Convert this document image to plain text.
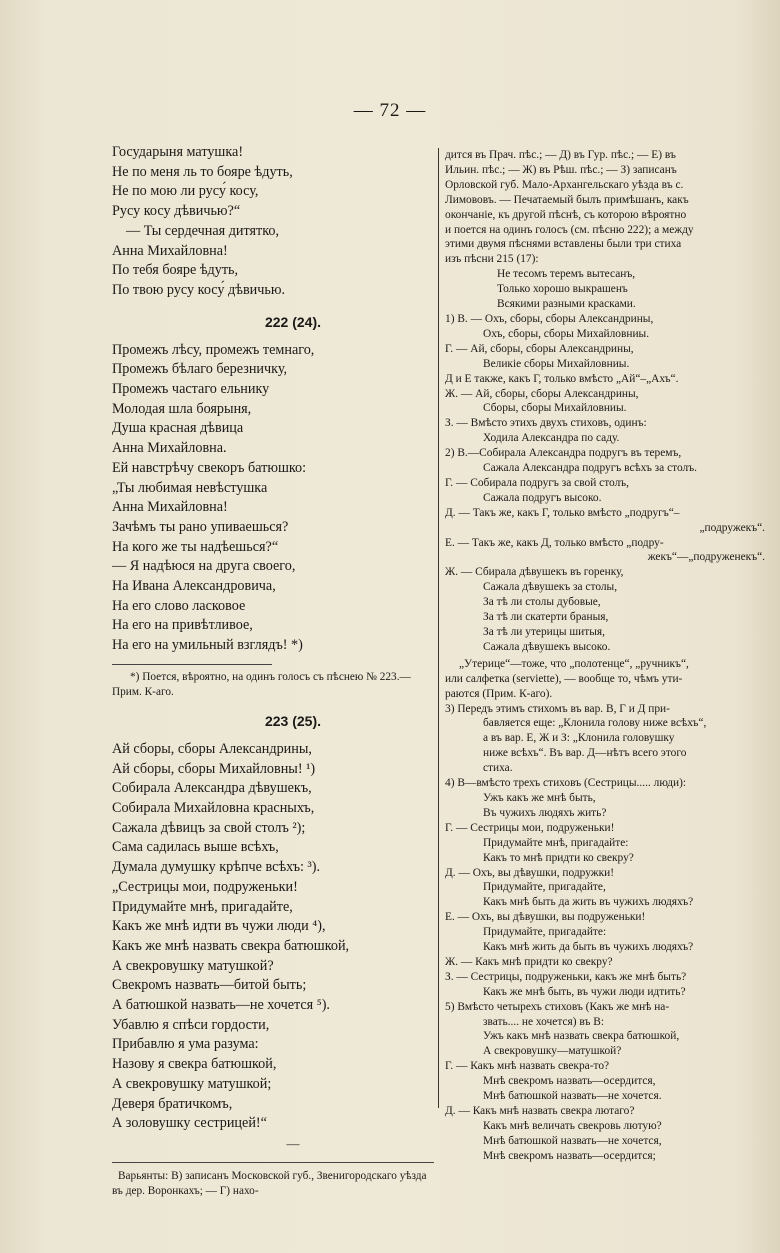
— 72 —
Государыня матушка!
Не по меня ль то бояре ѣдуть,
Не по мою ли русу́ косу,
Русу косу дѣвичью?“
— Ты сердечная дитятко,
Анна Михайловна!
По тебя бояре ѣдуть,
По твою русу косу́ дѣвичью.
222 (24).
Промежъ лѣсу, промежъ темнаго,
Промежъ бѣлаго березничку,
Промежъ частаго ельнику
Молодая шла боярыня,
Душа красная дѣвица
Анна Михайловна.
Ей навстрѣчу свекоръ батюшко:
„Ты любимая невѣстушка
Анна Михайловна!
Зачѣмъ ты рано упиваешься?
На кого же ты надѣешься?“
— Я надѣюся на друга своего,
На Ивана Александровича,
На его слово ласковое
На его на привѣтливое,
На его на умильный взглядъ! *)
*) Поется, вѣроятно, на одинъ голосъ съ пѣснею № 223.—Прим. К-аго.
223 (25).
Ай сборы, сборы Александрины,
Ай сборы, сборы Михайловны! ¹)
Собирала Александра дѣвушекъ,
Собирала Михайловна красныхъ,
Сажала дѣвицъ за свой столъ ²);
Сама садилась выше всѣхъ,
Думала думушку крѣпче всѣхъ: ³).
„Сестрицы мои, подруженьки!
Придумайте мнѣ, пригадайте,
Какъ же мнѣ идти въ чужи люди ⁴),
Какъ же мнѣ назвать свекра батюшкой,
А свекровушку матушкой?
Свекромъ назвать—битой быть;
А батюшкой назвать—не хочется ⁵).
Убавлю я спѣси гордости,
Прибавлю я ума разума:
Назову я свекра батюшкой,
А свекровушку матушкой;
Деверя братичкомъ,
А золовушку сестрицей!“
—
Варьянты: В) записанъ Московской губ., Звенигородскаго уѣзда въ дер. Воронкахъ; — Г) нахо-
дится въ Прач. пѣс.; — Д) въ Гур. пѣс.; — Е) въ
Ильин. пѣс.; — Ж) въ Рѣш. пѣс.; — З) записанъ
Орловской губ. Мало-Архангельскаго уѣзда въ с.
Лимововъ. — Печатаемый былъ примѣшанъ, какъ
окончаніе, къ другой пѣснѣ, съ которою вѣроятно
и поется на одинъ голосъ (см. пѣсню 222); а между
этими двумя пѣснями вставлены были три стиха
изъ пѣсни 215 (17):
Не тесомъ теремъ вытесанъ,
Только хорошо выкрашенъ
Всякими разными красками.
1) В. — Охъ, сборы, сборы Александрины,
Охъ, сборы, сборы Михайловниы.
Г. — Ай, сборы, сборы Александрины,
Великіе сборы Михайловниы.
Д и Е также, какъ Г, только вмѣсто „Ай“–„Ахъ“.
Ж. — Ай, сборы, сборы Александрины,
Сборы, сборы Михайловниы.
З. — Вмѣсто этихъ двухъ стиховъ, одинъ:
Ходила Александра по саду.
2) В.—Собирала Александра подругъ въ теремъ,
Сажала Александра подругъ всѣхъ за столъ.
Г. — Собирала подругъ за свой столъ,
Сажала подругъ высоко.
Д. — Такъ же, какъ Г, только вмѣсто „подругъ“–
„подружекъ“.
Е. — Такъ же, какъ Д, только вмѣсто „подру-
жекъ“—„подруженекъ“.
Ж. — Сбирала дѣвушекъ въ горенку,
Сажала дѣвушекъ за столы,
За тѣ ли столы дубовые,
За тѣ ли скатерти браныя,
За тѣ ли утерицы шитыя,
Сажала дѣвушекъ высоко.
„Утерице“—тоже, что „полотенце“, „ручникъ“,
или салфетка (serviette), — вообще то, чѣмъ ути-
раются (Прим. К-аго).
3) Передъ этимъ стихомъ въ вар. В, Г и Д при-
бавляется еще: „Клонила голову ниже всѣхъ“,
а въ вар. Е, Ж и З: „Клонила головушку
ниже всѣхъ“. Въ вар. Д—нѣтъ всего этого
стиха.
4) В—вмѣсто трехъ стиховъ (Сестрицы..... люди):
Ужъ какъ же мнѣ быть,
Въ чужихъ людяхъ жить?
Г. — Сестрицы мои, подруженьки!
Придумайте мнѣ, пригадайте:
Какъ то мнѣ придти ко свекру?
Д. — Охъ, вы дѣвушки, подружки!
Придумайте, пригадайте,
Какъ мнѣ быть да жить въ чужихъ людяхъ?
Е. — Охъ, вы дѣвушки, вы подруженьки!
Придумайте, пригадайте:
Какъ мнѣ жить да быть въ чужихъ людяхъ?
Ж. — Какъ мнѣ придти ко свекру?
З. — Сестрицы, подруженьки, какъ же мнѣ быть?
Какъ же мнѣ быть, въ чужи люди идтить?
5) Вмѣсто четырехъ стиховъ (Какъ же мнѣ на-
звать.... не хочется) въ В:
Ужъ какъ мнѣ назвать свекра батюшкой,
А свекровушку—матушкой?
Г. — Какъ мнѣ назвать свекра-то?
Мнѣ свекромъ назвать—осердится,
Мнѣ батюшкой назвать—не хочется.
Д. — Какъ мнѣ назвать свекра лютаго?
Какъ мнѣ величать свекровь лютую?
Мнѣ батюшкой назвать—не хочется,
Мнѣ свекромъ назвать—осердится;
